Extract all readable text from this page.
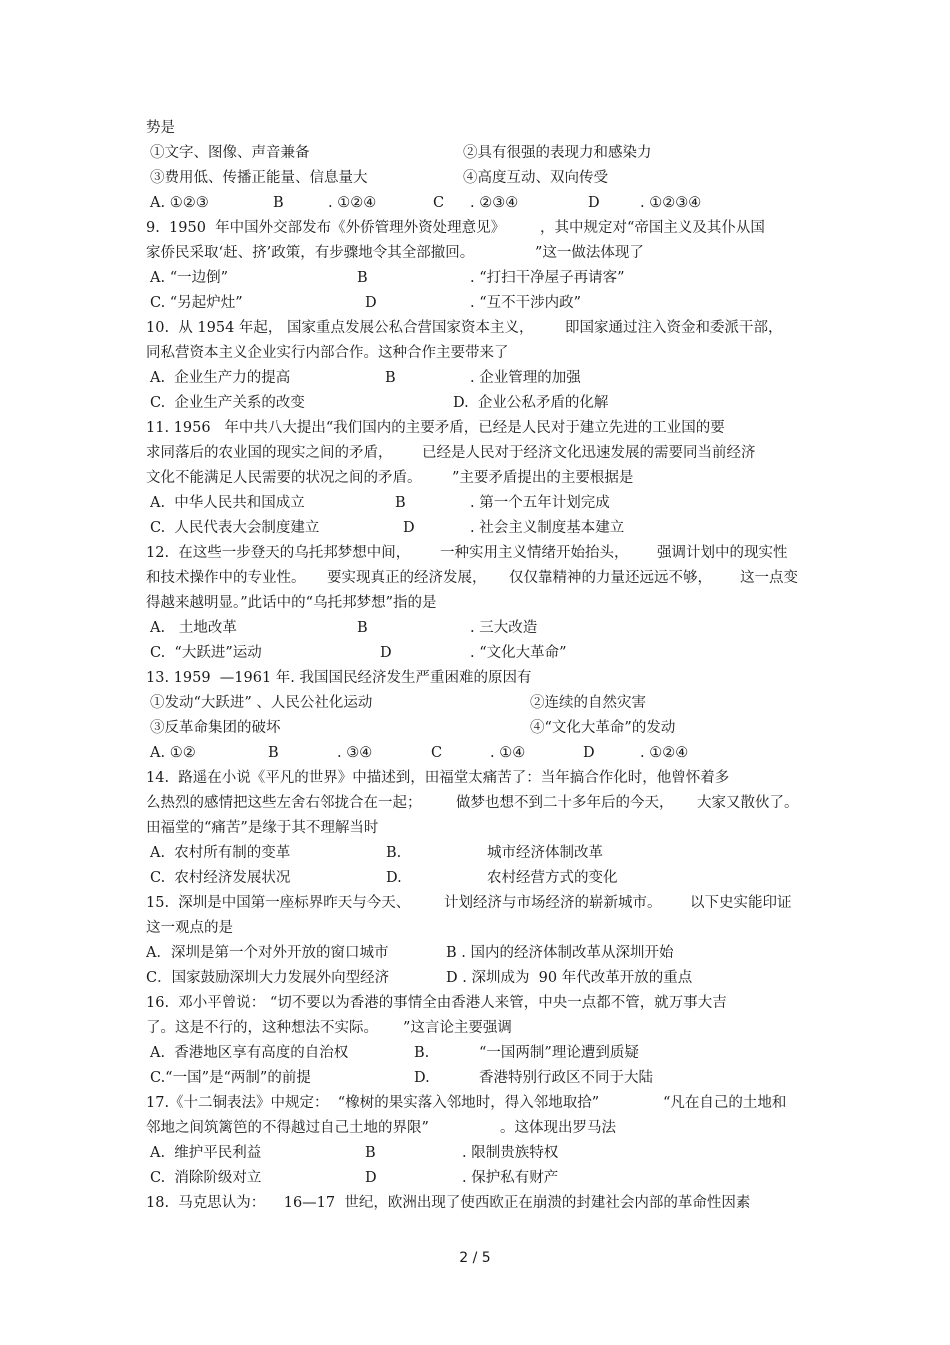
势是
①文字、图像、声音兼备	②具有很强的表现力和感染力
③费用低、传播正能量、信息量大	④高度互动、双向传受
A. ①②③	B	. ①②④	C . ②③④	D	. ①②③④
9.  1950  年中国外交部发布《外侨管理外资处理意见》 ，其中规定对“帝国主义及其仆从国
家侨民采取‘赶、挤’政策，有步骤地令其全部撤回。	”这一做法体现了
A. “一边倒”	B	. “打扫干净屋子再请客”
C. “另起炉灶”	D	. “互不干涉内政”
10.  从 1954 年起， 国家重点发展公私合营国家资本主义， 即国家通过注入资金和委派干部，
同私营资本主义企业实行内部合作。这种合作主要带来了
A.  企业生产力的提高	B	. 企业管理的加强
C.  企业生产关系的改变	D.  企业公私矛盾的化解
11. 1956   年中共八大提出“我们国内的主要矛盾，已经是人民对于建立先进的工业国的要
求同落后的农业国的现实之间的矛盾， 已经是人民对于经济文化迅速发展的需要同当前经济
文化不能满足人民需要的状况之间的矛盾。 ”主要矛盾提出的主要根据是
A.  中华人民共和国成立	B	. 第一个五年计划完成
C.  人民代表大会制度建立	D	. 社会主义制度基本建立
12.  在这些一步登天的乌托邦梦想中间， 一种实用主义情绪开始抬头， 强调计划中的现实性
和技术操作中的专业性。 要实现真正的经济发展， 仅仅靠精神的力量还远远不够， 这一点变
得越来越明显。”此话中的“乌托邦梦想”指的是
A.   土地改革	B	. 三大改造
C.  “大跃进”运动	D	. “文化大革命”
13. 1959  —1961 年. 我国国民经济发生严重困难的原因有
①发动“大跃进” 、人民公社化运动	②连续的自然灾害
③反革命集团的破坏	④“文化大革命”的发动
A. ①②	B	. ③④	C	. ①④	D	. ①②④
14.  路遥在小说《平凡的世界》中描述到，田福堂太痛苦了：当年搞合作化时，他曾怀着多
么热烈的感情把这些左舍右邻拢合在一起； 做梦也想不到二十多年后的今天， 大家又散伙了。
田福堂的“痛苦”是缘于其不理解当时
A.  农村所有制的变革	B.	城市经济体制改革
C.  农村经济发展状况	D.	农村经营方式的变化
15.  深圳是中国第一座标界昨天与今天、 计划经济与市场经济的崭新城市。 以下史实能印证
这一观点的是
A．深圳是第一个对外开放的窗口城市	B . 国内的经济体制改革从深圳开始
C．国家鼓励深圳大力发展外向型经济	D . 深圳成为  90 年代改革开放的重点
16.  邓小平曾说： “切不要以为香港的事情全由香港人来管，中央一点都不管，就万事大吉
了。这是不行的，这种想法不实际。 ”这言论主要强调
A.  香港地区享有高度的自治权	B.	“一国两制”理论遭到质疑
C.“一国”是“两制”的前提	D.	香港特别行政区不同于大陆
17.《十二铜表法》中规定：  “橡树的果实落入邻地时，得入邻地取拾”	“凡在自己的土地和
邻地之间筑篱笆的不得越过自己土地的界限”	。这体现出罗马法
A.  维护平民利益	B	. 限制贵族特权
C.  消除阶级对立	D	. 保护私有财产
18.  马克思认为：    16—17  世纪，欧洲出现了使西欧正在崩溃的封建社会内部的革命性因素
2 / 5
